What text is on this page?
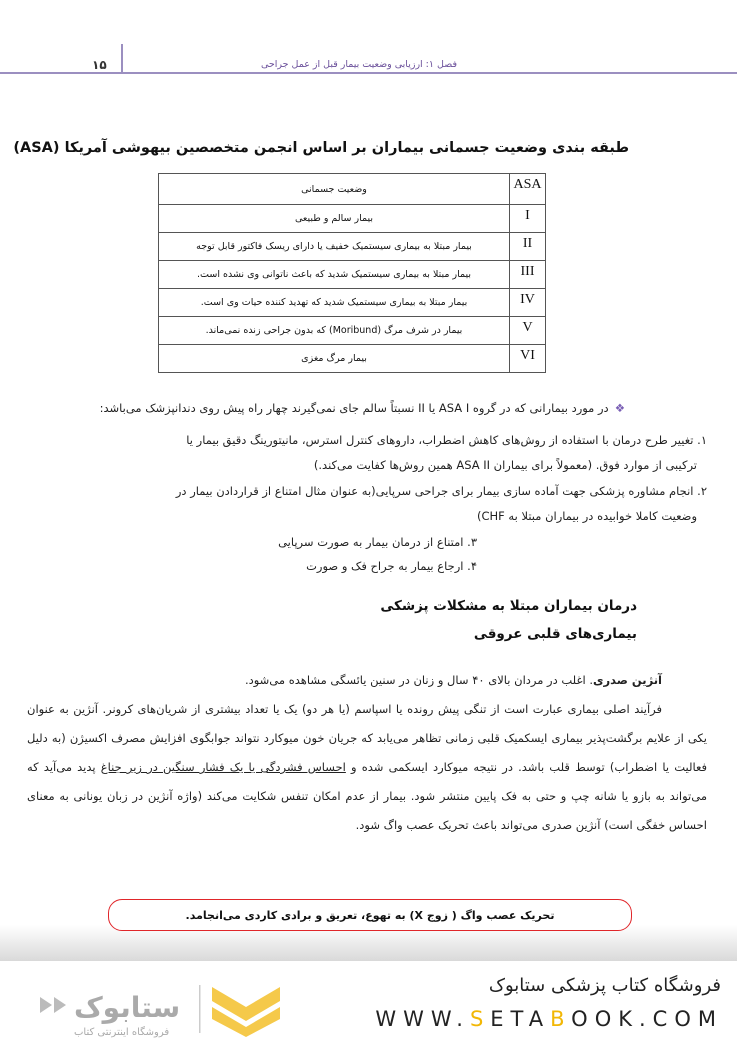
۱۵	فصل ۱: ارزیابی وضعیت بیمار قبل از عمل جراحی
طبقه بندی وضعیت جسمانی بیماران بر اساس انجمن متخصصین بیهوشی آمریکا (ASA)
ASA	وضعیت جسمانی
I	بیمار سالم و طبیعی
II	بیمار مبتلا به بیماری سیستمیک خفیف یا دارای ریسک فاکتور قابل توجه
III	بیمار مبتلا به بیماری سیستمیک شدید که باعث ناتوانی وی نشده است.
IV	بیمار مبتلا به بیماری سیستمیک شدید که تهدید کننده حیات وی است.
V	بیمار در شرف مرگ (Moribund) که بدون جراحی زنده نمی‌ماند.
VI	بیمار مرگ مغزی
❖در مورد بیمارانی که در گروه ASA I یا II نسبتاً سالم جای نمی‌گیرند چهار راه پیش روی دندانپزشک می‌باشد:
۱. تغییر طرح درمان با استفاده از روش‌های کاهش اضطراب، داروهای کنترل استرس، مانیتورینگ دقیق بیمار یا
ترکیبی از موارد فوق. (معمولاً برای بیماران ASA II همین روش‌ها کفایت می‌کند.)
۲. انجام مشاوره پزشکی جهت آماده سازی بیمار برای جراحی سرپایی(به عنوان مثال امتناع از قراردادن بیمار در
وضعیت کاملا خوابیده در بیماران مبتلا به CHF)
۳. امتناع از درمان بیمار به صورت سرپایی
۴. ارجاع بیمار به جراح فک و صورت
درمان بیماران مبتلا به مشکلات پزشکی
بیماری‌های قلبی عروقی
آنژین صدری. اغلب در مردان بالای ۴۰ سال و زنان در سنین یائسگی مشاهده می‌شود.
فرآیند اصلی بیماری عبارت است از تنگی پیش رونده یا اسپاسم (یا هر دو) یک یا تعداد بیشتری از شریان‌های کرونر. آنژین به عنوان یکی از علایم برگشت‌پذیر بیماری ایسکمیک قلبی زمانی تظاهر می‌یابد که جریان خون میوکارد نتواند جوابگوی افزایش مصرف اکسیژن (به دلیل فعالیت یا اضطراب) توسط قلب باشد. در نتیجه میوکارد ایسکمی شده و احساس فشردگی یا یک فشار سنگین در زیر جناغ پدید می‌آید که می‌تواند به بازو یا شانه چپ و حتی به فک پایین منتشر شود. بیمار از عدم امکان تنفس شکایت می‌کند (واژه آنژین در زبان یونانی به معنای احساس خفگی است) آنژین صدری می‌تواند باعث تحریک عصب واگ شود.
تحریک عصب واگ ( زوج X) به تهوع، تعریق و برادی کاردی می‌انجامد.
ستابوک
فروشگاه اینترنتی کتاب
فروشگاه کتاب پزشکی ستابوک
WWW.SETABOOK.COM
